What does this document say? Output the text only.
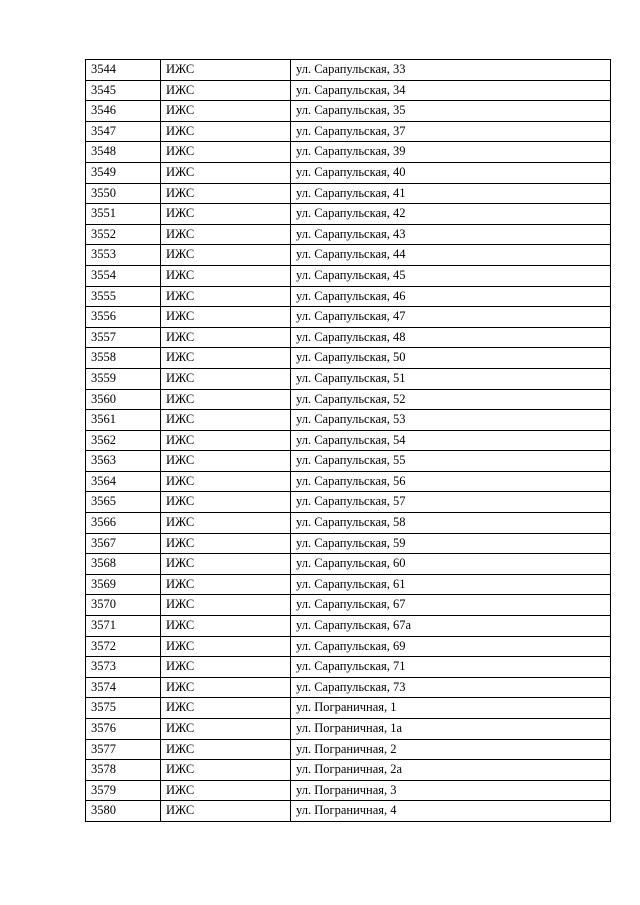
3544	ИЖС	ул. Сарапульская, 33
3545	ИЖС	ул. Сарапульская, 34
3546	ИЖС	ул. Сарапульская, 35
3547	ИЖС	ул. Сарапульская, 37
3548	ИЖС	ул. Сарапульская, 39
3549	ИЖС	ул. Сарапульская, 40
3550	ИЖС	ул. Сарапульская, 41
3551	ИЖС	ул. Сарапульская, 42
3552	ИЖС	ул. Сарапульская, 43
3553	ИЖС	ул. Сарапульская, 44
3554	ИЖС	ул. Сарапульская, 45
3555	ИЖС	ул. Сарапульская, 46
3556	ИЖС	ул. Сарапульская, 47
3557	ИЖС	ул. Сарапульская, 48
3558	ИЖС	ул. Сарапульская, 50
3559	ИЖС	ул. Сарапульская, 51
3560	ИЖС	ул. Сарапульская, 52
3561	ИЖС	ул. Сарапульская, 53
3562	ИЖС	ул. Сарапульская, 54
3563	ИЖС	ул. Сарапульская, 55
3564	ИЖС	ул. Сарапульская, 56
3565	ИЖС	ул. Сарапульская, 57
3566	ИЖС	ул. Сарапульская, 58
3567	ИЖС	ул. Сарапульская, 59
3568	ИЖС	ул. Сарапульская, 60
3569	ИЖС	ул. Сарапульская, 61
3570	ИЖС	ул. Сарапульская, 67
3571	ИЖС	ул. Сарапульская, 67а
3572	ИЖС	ул. Сарапульская, 69
3573	ИЖС	ул. Сарапульская, 71
3574	ИЖС	ул. Сарапульская, 73
3575	ИЖС	ул. Пограничная, 1
3576	ИЖС	ул. Пограничная, 1а
3577	ИЖС	ул. Пограничная, 2
3578	ИЖС	ул. Пограничная, 2а
3579	ИЖС	ул. Пограничная, 3
3580	ИЖС	ул. Пограничная, 4
